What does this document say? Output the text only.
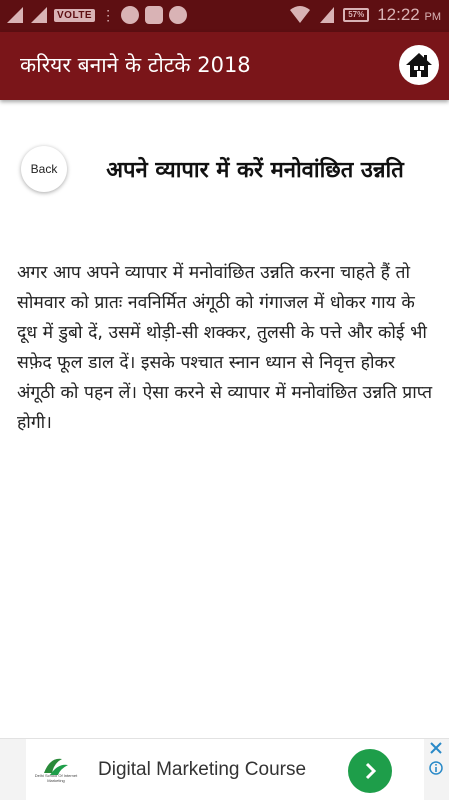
VOLTE ⋮	57% 12:22 PM
करियर बनाने के टोटके 2018
Back	अपने व्यापार में करें मनोवांछित उन्नति
अगर आप अपने व्यापार में मनोवांछित उन्नति करना चाहते हैं तो सोमवार को प्रातः नवनिर्मित अंगूठी को गंगाजल में धोकर गाय के दूध में डुबो दें, उसमें थोड़ी-सी शक्कर, तुलसी के पत्ते और कोई भी सफ़ेद फूल डाल दें। इसके पश्चात स्नान ध्यान से निवृत्त होकर अंगूठी को पहन लें। ऐसा करने से व्यापार में मनोवांछित उन्नति प्राप्त होगी।
Delhi School Of Internet Marketing
Digital Marketing Course
